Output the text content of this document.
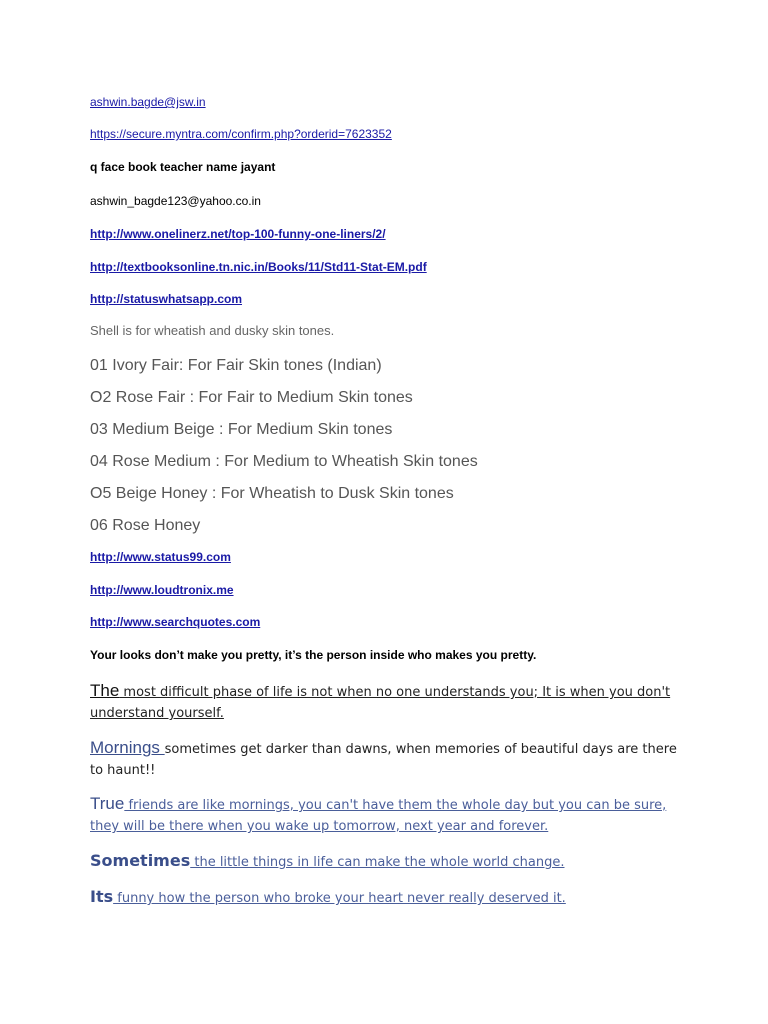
ashwin.bagde@jsw.in
https://secure.myntra.com/confirm.php?orderid=7623352
q face book teacher name jayant
ashwin_bagde123@yahoo.co.in
http://www.onelinerz.net/top-100-funny-one-liners/2/
http://textbooksonline.tn.nic.in/Books/11/Std11-Stat-EM.pdf
http://statuswhatsapp.com
Shell is for wheatish and dusky skin tones.
01 Ivory Fair: For Fair Skin tones (Indian)
O2 Rose Fair : For Fair to Medium Skin tones
03 Medium Beige : For Medium Skin tones
04 Rose Medium : For Medium to Wheatish Skin tones
O5 Beige Honey : For Wheatish to Dusk Skin tones
06 Rose Honey
http://www.status99.com
http://www.loudtronix.me
http://www.searchquotes.com
Your looks don’t make you pretty, it’s the person inside who makes you pretty.
The most difficult phase of life is not when no one understands you; It is when you don't understand yourself.
Mornings sometimes get darker than dawns, when memories of beautiful days are there to haunt!!
True friends are like mornings, you can't have them the whole day but you can be sure, they will be there when you wake up tomorrow, next year and forever.
Sometimes the little things in life can make the whole world change.
Its funny how the person who broke your heart never really deserved it.
